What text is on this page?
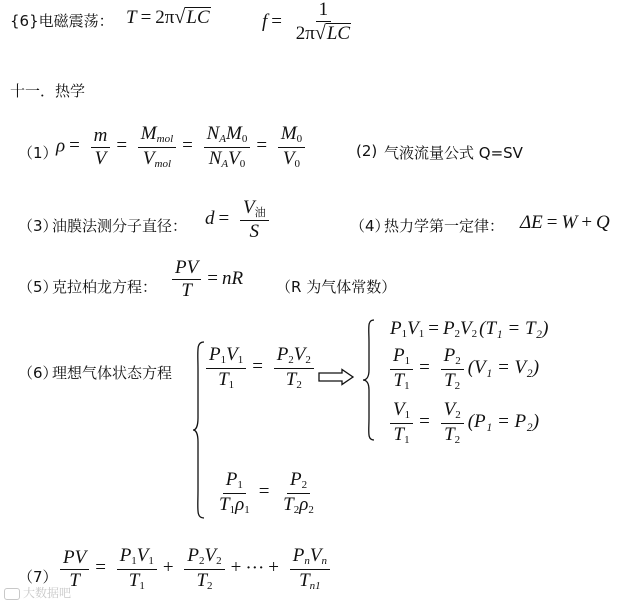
{6}电磁震荡： T = 2π√LC	$f = \frac{1}{2\pi√LC}$
十一．热学
（1）
$\rho = \frac{m}{V} = \frac{M_{mol}}{V_{mol}} = \frac{N_AM_0}{N_AV_0} = \frac{M_0}{V_0}$	(2) 气液流量公式 Q=SV
（3）
油膜法测分子直径： $d = \frac{V_油}{S}$	（4）
热力学第一定律： ΔE = W + Q
（5）
克拉柏龙方程： $\frac{PV}{T}$ = nR （R 为气体常数）
（6）
理想气体状态方程 $\frac{P_1V_1}{T_1} = \frac{P_2V_2}{T_2}$
$\frac{P_1}{T_1\rho_1} = \frac{P_2}{T_2\rho_2}$
$P_1V_1 = P_2V_2$ (T₁ = T₂)
$\frac{P_1}{T_1} = \frac{P_2}{T_2} (V_1 = V_2)$
$\frac{V_1}{T_1} = \frac{V_2}{T_2} (P_1 = P_2)$
$(7) \frac{PV}{T} = \frac{P_1V_1}{T_1} + \frac{P_2V_2}{T_2}$ + ··· + $\frac{P_nV_n}{T_{n1}}$
大数据吧
